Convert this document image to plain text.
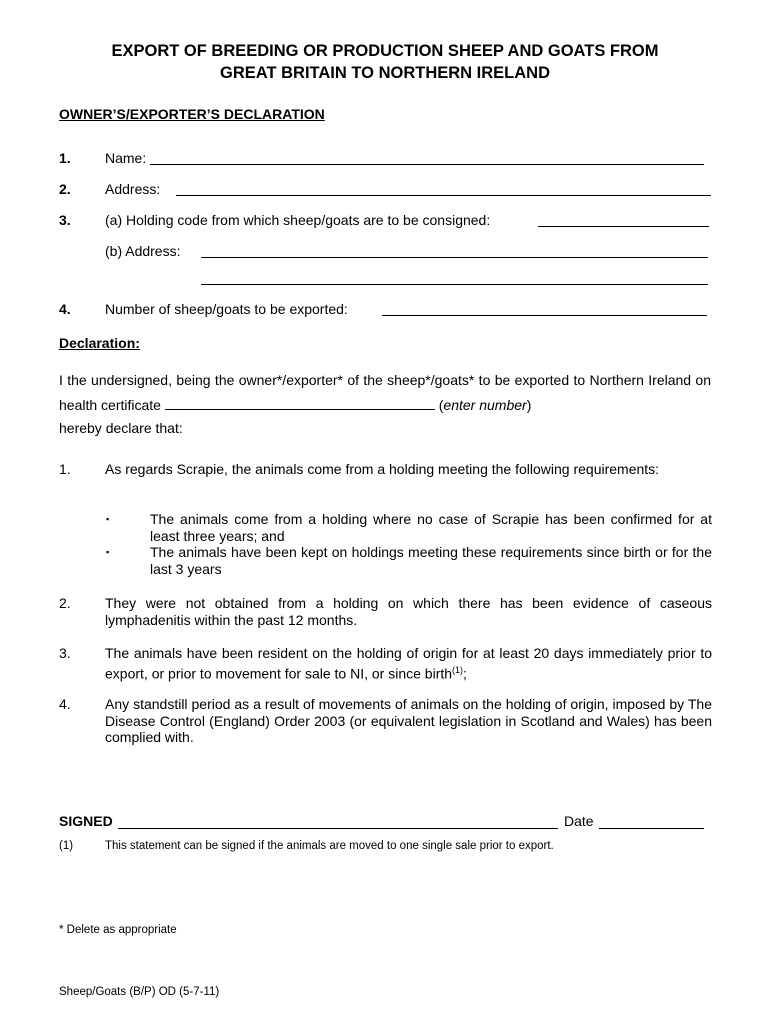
EXPORT OF BREEDING OR PRODUCTION SHEEP AND GOATS FROM
GREAT BRITAIN TO NORTHERN IRELAND
OWNER’S/EXPORTER’S DECLARATION
1. Name:
2. Address:
3. (a) Holding code from which sheep/goats are to be consigned:
(b) Address:
4. Number of sheep/goats to be exported:
Declaration:
I the undersigned, being the owner*/exporter* of the sheep*/goats* to be exported to Northern Ireland on health certificate	(enter number)
hereby declare that:
1. As regards Scrapie, the animals come from a holding meeting the following requirements:
▪	The animals come from a holding where no case of Scrapie has been confirmed for at least three years; and
▪	The animals have been kept on holdings meeting these requirements since birth or for the last 3 years
2. They were not obtained from a holding on which there has been evidence of caseous lymphadenitis within the past 12 months.
3. The animals have been resident on the holding of origin for at least 20 days immediately prior to export, or prior to movement for sale to NI, or since birth$^{(1)}$;
4. Any standstill period as a result of movements of animals on the holding of origin, imposed by The Disease Control (England) Order 2003 (or equivalent legislation in Scotland and Wales) has been complied with.
SIGNED	Date
(1)	This statement can be signed if the animals are moved to one single sale prior to export.
* Delete as appropriate
Sheep/Goats (B/P) OD (5-7-11)
